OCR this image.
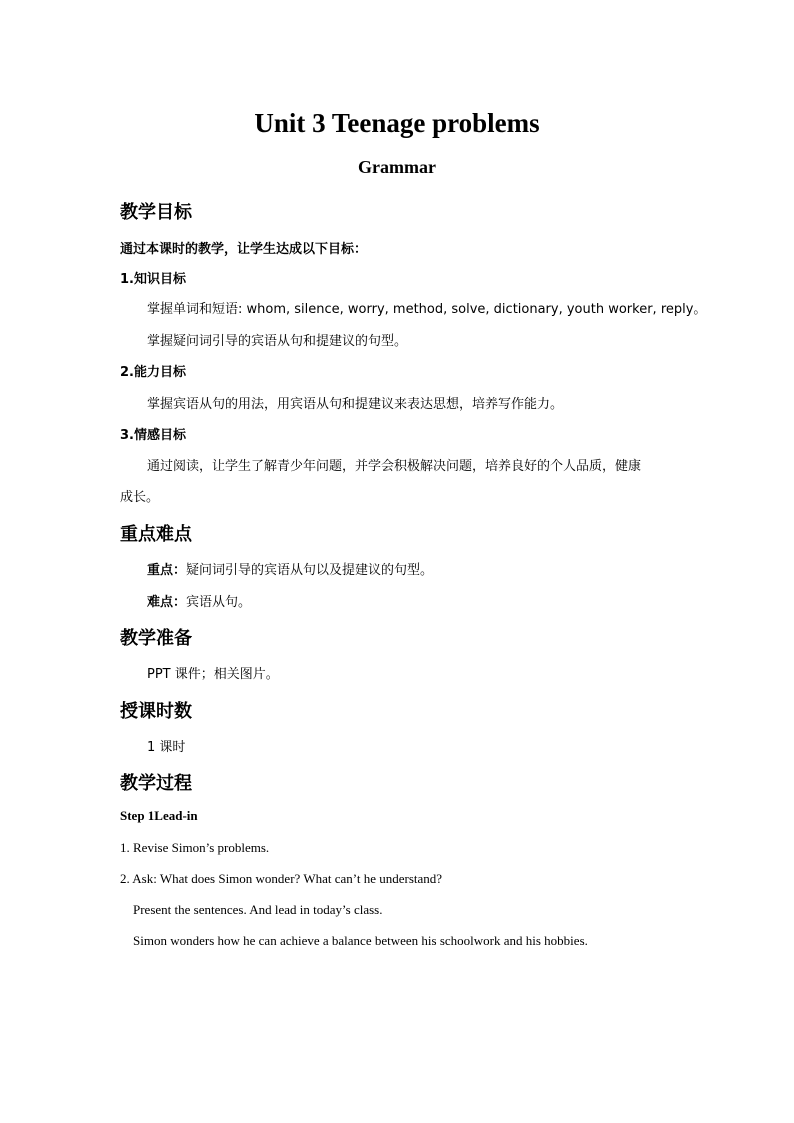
Unit 3 Teenage problems
Grammar
教学目标
通过本课时的教学，让学生达成以下目标：
1.知识目标
掌握单词和短语: whom, silence, worry, method, solve, dictionary, youth worker, reply。
掌握疑问词引导的宾语从句和提建议的句型。
2.能力目标
掌握宾语从句的用法，用宾语从句和提建议来表达思想，培养写作能力。
3.情感目标
通过阅读，让学生了解青少年问题，并学会积极解决问题，培养良好的个人品质，健康
成长。
重点难点
重点：疑问词引导的宾语从句以及提建议的句型。
难点：宾语从句。
教学准备
PPT 课件；相关图片。
授课时数
1 课时
教学过程
Step 1Lead-in
1. Revise Simon’s problems.
2. Ask: What does Simon wonder? What can’t he understand?
Present the sentences. And lead in today’s class.
Simon wonders how he can achieve a balance between his schoolwork and his hobbies.
